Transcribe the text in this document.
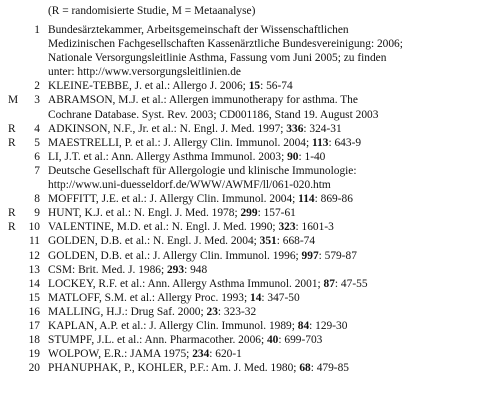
(R = randomisierte Studie, M = Metaanalyse)
1 Bundesärztekammer, Arbeitsgemeinschaft der Wissenschaftlichen
Medizinischen Fachgesellschaften Kassenärztliche Bundesvereinigung: 2006;
Nationale Versorgungsleitlinie Asthma, Fassung vom Juni 2005; zu finden
unter: http://www.versorgungsleitlinien.de
2 KLEINE-TEBBE, J. et al.: Allergo J. 2006; 15: 56-74
M	3 ABRAMSON, M.J. et al.: Allergen immunotherapy for asthma. The
Cochrane Database. Syst. Rev. 2003; CD001186, Stand 19. August 2003
R	4 ADKINSON, N.F., Jr. et al.: N. Engl. J. Med. 1997; 336: 324-31
R	5 MAESTRELLI, P. et al.: J. Allergy Clin. Immunol. 2004; 113: 643-9
6 LI, J.T. et al.: Ann. Allergy Asthma Immunol. 2003; 90: 1-40
7 Deutsche Gesellschaft für Allergologie und klinische Immunologie:
http://www.uni-duesseldorf.de/WWW/AWMF/ll/061-020.htm
8 MOFFITT, J.E. et al.: J. Allergy Clin. Immunol. 2004; 114: 869-86
R	9 HUNT, K.J. et al.: N. Engl. J. Med. 1978; 299: 157-61
R	10 VALENTINE, M.D. et al.: N. Engl. J. Med. 1990; 323: 1601-3
11 GOLDEN, D.B. et al.: N. Engl. J. Med. 2004; 351: 668-74
12 GOLDEN, D.B. et al.: J. Allergy Clin. Immunol. 1996; 997: 579-87
13 CSM: Brit. Med. J. 1986; 293: 948
14 LOCKEY, R.F. et al.: Ann. Allergy Asthma Immunol. 2001; 87: 47-55
15 MATLOFF, S.M. et al.: Allergy Proc. 1993; 14: 347-50
16 MALLING, H.J.: Drug Saf. 2000; 23: 323-32
17 KAPLAN, A.P. et al.: J. Allergy Clin. Immunol. 1989; 84: 129-30
18 STUMPF, J.L. et al.: Ann. Pharmacother. 2006; 40: 699-703
19 WOLPOW, E.R.: JAMA 1975; 234: 620-1
20 PHANUPHAK, P., KOHLER, P.F.: Am. J. Med. 1980; 68: 479-85
